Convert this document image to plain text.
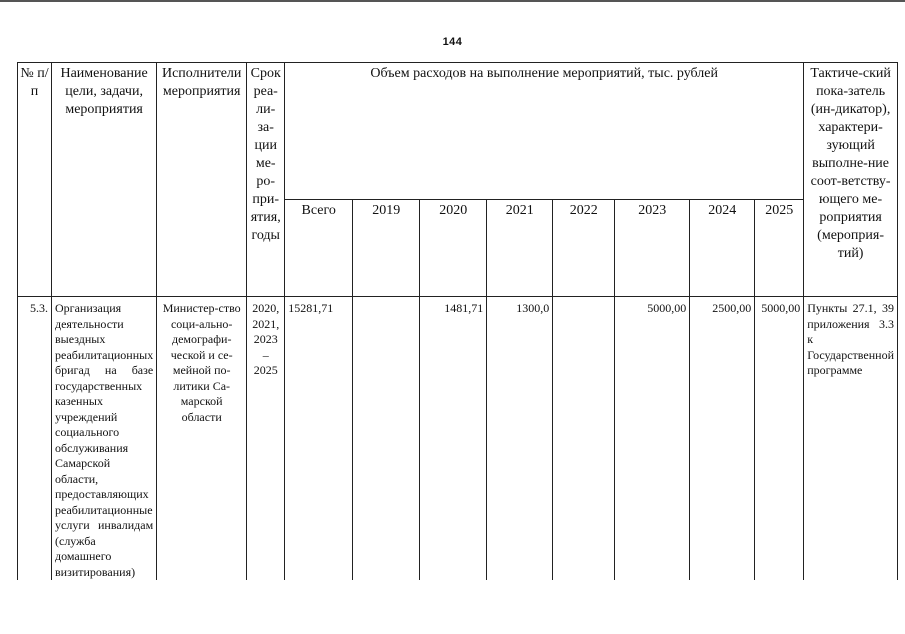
144
№ п/п	Наименование цели, задачи, мероприятия	Исполнители мероприятия	Срок реа-ли-за-ции ме-ро-при-ятия, годы	Объем расходов на выполнение мероприятий, тыс. рублей								Тактиче-ский пока-затель (ин-дикатор), характери-зующий выполне-ние соот-ветству-ющего ме-роприятия (мероприя-тий)
				Всего	2019	2020	2021	2022	2023	2024	2025	
5.3.	Организация деятельности выездных реабилитационных бригад на базе государственных казенных учреждений социального обслуживания Самарской области, предоставляющих реабилитационные услуги инвалидам (служба домашнего визитирования)	Министер-ство соци-ально-демографи-ческой и се-мейной по-литики Са-марской области	2020, 2021, 2023 – 2025	15281,71		1481,71	1300,0		5000,00	2500,00	5000,00	Пункты 27.1, 39 приложения 3.3 к Государственной программе
